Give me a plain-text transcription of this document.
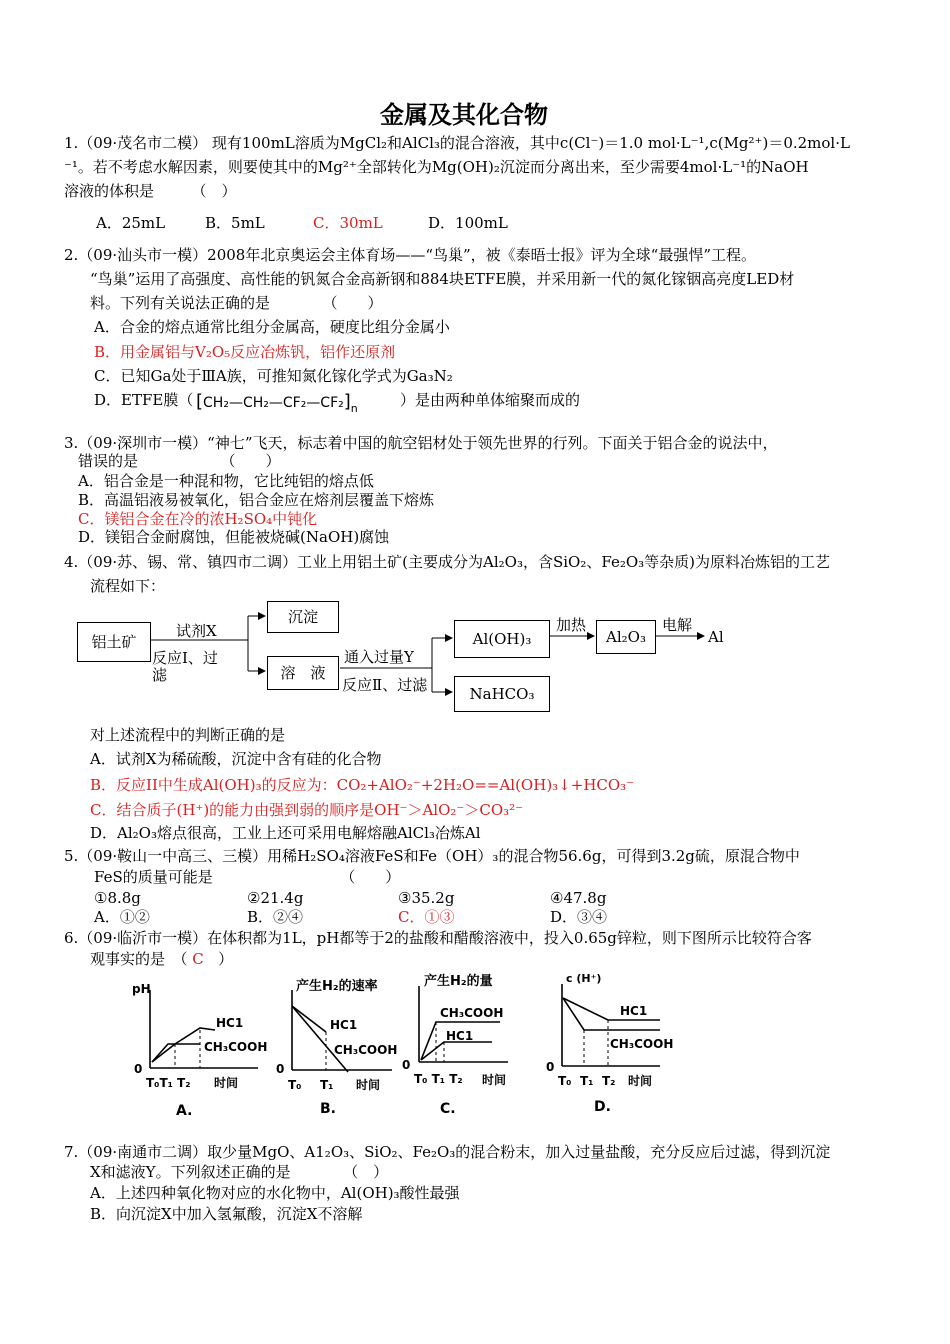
金属及其化合物
1.（09·茂名市二模） 现有100mL溶质为MgCl₂和AlCl₃的混合溶液，其中c(Cl⁻)＝1.0 mol·L⁻¹,c(Mg²⁺)＝0.2mol·L
⁻¹。若不考虑水解因素，则要使其中的Mg²⁺全部转化为Mg(OH)₂沉淀而分离出来，至少需要4mol·L⁻¹的NaOH
溶液的体积是　　　（　）
A．25mL	B．5mL	C．30mL	D．100mL
2.（09·汕头市一模）2008年北京奥运会主体育场——“鸟巢”，被《泰晤士报》评为全球“最强悍”工程。
“鸟巢”运用了高强度、高性能的钒氮合金高新钢和884块ETFE膜，并采用新一代的氮化镓铟高亮度LED材
料。下列有关说法正确的是　　　　（　　）
A．合金的熔点通常比组分金属高，硬度比组分金属小
B．用金属铝与V₂O₅反应冶炼钒，铝作还原剂
C．已知Ga处于ⅢA族，可推知氮化镓化学式为Ga₃N₂
D．ETFE膜（ $[CH_2—CH_2—CF_2—CF_2]_n$	）是由两种单体缩聚而成的
3.（09·深圳市一模）“神七”飞天，标志着中国的航空铝材处于领先世界的行列。下面关于铝合金的说法中，
错误的是　　　　　　（　　）
A．铝合金是一种混和物，它比纯铝的熔点低
B．高温铝液易被氧化，铝合金应在熔剂层覆盖下熔炼
C．镁铝合金在冷的浓H₂SO₄中钝化
D．镁铝合金耐腐蚀，但能被烧碱(NaOH)腐蚀
4.（09·苏、锡、常、镇四市二调）工业上用铝土矿(主要成分为Al₂O₃，含SiO₂、Fe₂O₃等杂质)为原料冶炼铝的工艺
流程如下：
铝土矿
试剂X
反应Ⅰ、过
滤
沉淀
溶　液
通入过量Y
反应Ⅱ、过滤
Al(OH)₃
NaHCO₃
加热
Al₂O₃
电解
Al
对上述流程中的判断正确的是
A．试剂X为稀硫酸，沉淀中含有硅的化合物
B．反应II中生成Al(OH)₃的反应为：CO₂+AlO₂⁻+2H₂O==Al(OH)₃↓+HCO₃⁻
C．结合质子(H⁺)的能力由强到弱的顺序是OH⁻＞AlO₂⁻＞CO₃²⁻
D．Al₂O₃熔点很高，工业上还可采用电解熔融AlCl₃冶炼Al
5.（09·鞍山一中高三、三模）用稀H₂SO₄溶液FeS和Fe（OH）₃的混合物56.6g，可得到3.2g硫，原混合物中
FeS的质量可能是　　　　　　　　　（　　）
①8.8g	②21.4g	③35.2g	④47.8g
A．①②	B．②④	C．①③	D．③④
6.（09·临沂市一模）在体积都为1L，pH都等于2的盐酸和醋酸溶液中，投入0.65g锌粒，则下图所示比较符合客
观事实的是　（ C ）
pH
HC1
CH₃COOH
0
T₀T₁ T₂ 时间
A.
产生H₂的速率
HC1
CH₃COOH
0
T₀ T₁ 时间
B.
产生H₂的量
CH₃COOH
HC1
0
T₀ T₁ T₂ 时间
C.
c (H⁺)
HC1
CH₃COOH
0
T₀ T₁ T₂ 时间
D.
7.（09·南通市二调）取少量MgO、A1₂O₃、SiO₂、Fe₂O₃的混合粉末，加入过量盐酸，充分反应后过滤，得到沉淀
X和滤液Y。下列叙述正确的是　　　　（　）
A．上述四种氧化物对应的水化物中，Al(OH)₃酸性最强
B．向沉淀X中加入氢氟酸，沉淀X不溶解
